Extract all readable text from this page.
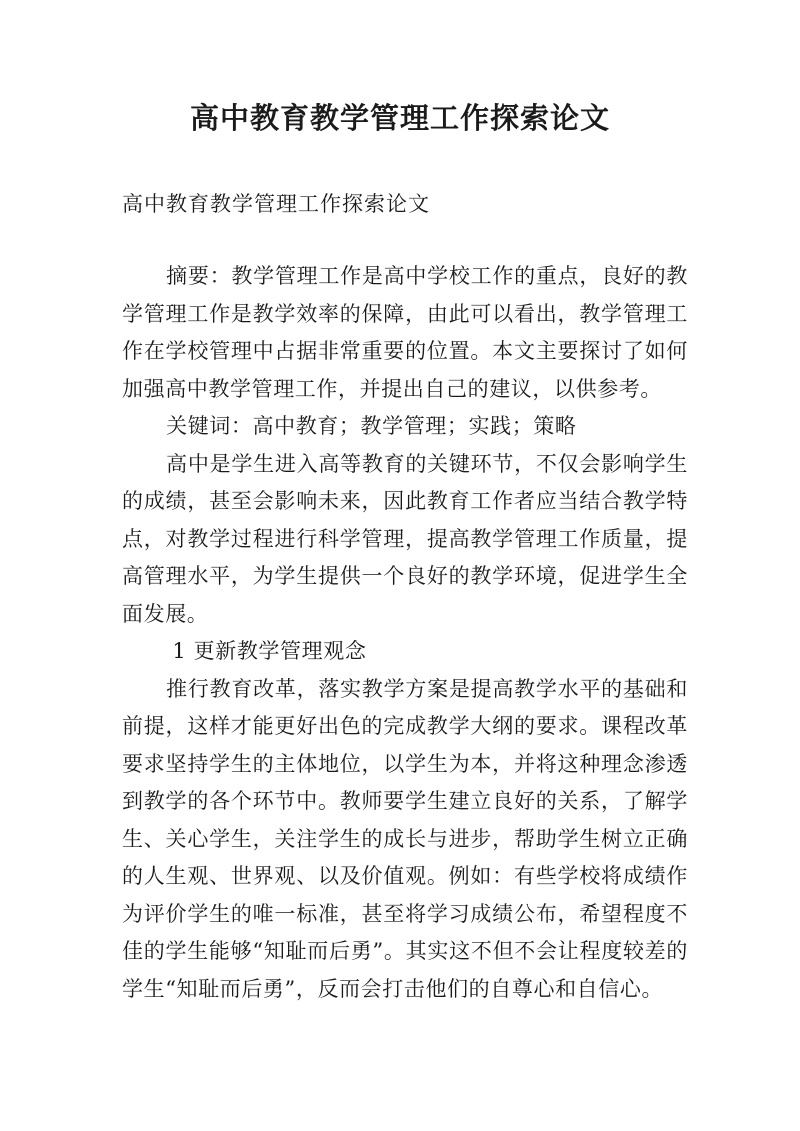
高中教育教学管理工作探索论文

高中教育教学管理工作探索论文

摘要：教学管理工作是高中学校工作的重点，良好的教学管理工作是教学效率的保障，由此可以看出，教学管理工作在学校管理中占据非常重要的位置。本文主要探讨了如何加强高中教学管理工作，并提出自己的建议，以供参考。

关键词：高中教育；教学管理；实践；策略

高中是学生进入高等教育的关键环节，不仅会影响学生的成绩，甚至会影响未来，因此教育工作者应当结合教学特点，对教学过程进行科学管理，提高教学管理工作质量，提高管理水平，为学生提供一个良好的教学环境，促进学生全面发展。

1 更新教学管理观念

推行教育改革，落实教学方案是提高教学水平的基础和前提，这样才能更好出色的完成教学大纲的要求。课程改革要求坚持学生的主体地位，以学生为本，并将这种理念渗透到教学的各个环节中。教师要学生建立良好的关系，了解学生、关心学生，关注学生的成长与进步，帮助学生树立正确的人生观、世界观、以及价值观。例如：有些学校将成绩作为评价学生的唯一标准，甚至将学习成绩公布，希望程度不佳的学生能够“知耻而后勇”。其实这不但不会让程度较差的学生“知耻而后勇”，反而会打击他们的自尊心和自信心。
